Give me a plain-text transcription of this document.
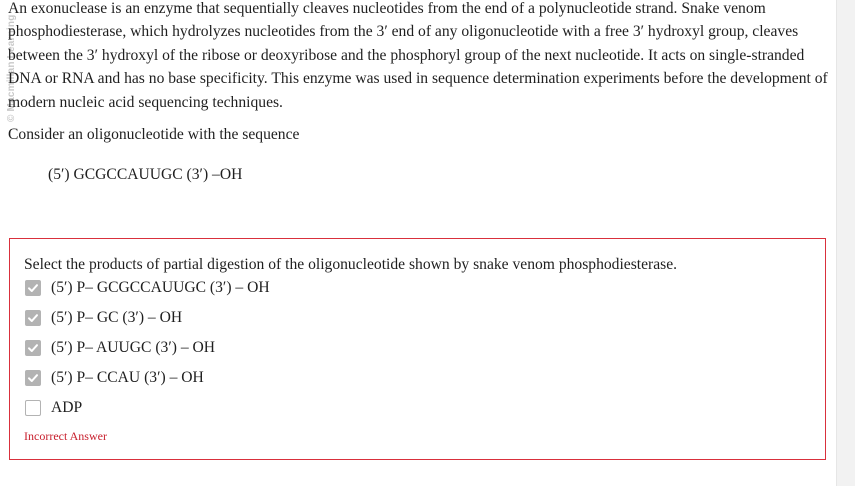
© Macmillan Learning

An exonuclease is an enzyme that sequentially cleaves nucleotides from the end of a polynucleotide strand. Snake venom phosphodiesterase, which hydrolyzes nucleotides from the 3′ end of any oligonucleotide with a free 3′ hydroxyl group, cleaves between the 3′ hydroxyl of the ribose or deoxyribose and the phosphoryl group of the next nucleotide. It acts on single-stranded DNA or RNA and has no base specificity. This enzyme was used in sequence determination experiments before the development of modern nucleic acid sequencing techniques.

Consider an oligonucleotide with the sequence

(5′) GCGCCAUUGC (3′) –OH

Select the products of partial digestion of the oligonucleotide shown by snake venom phosphodiesterase.

(5′) P– GCGCCAUUGC (3′) – OH
(5′) P– GC (3′) – OH
(5′) P– AUUGC (3′) – OH
(5′) P– CCAU (3′) – OH
ADP

Incorrect Answer
